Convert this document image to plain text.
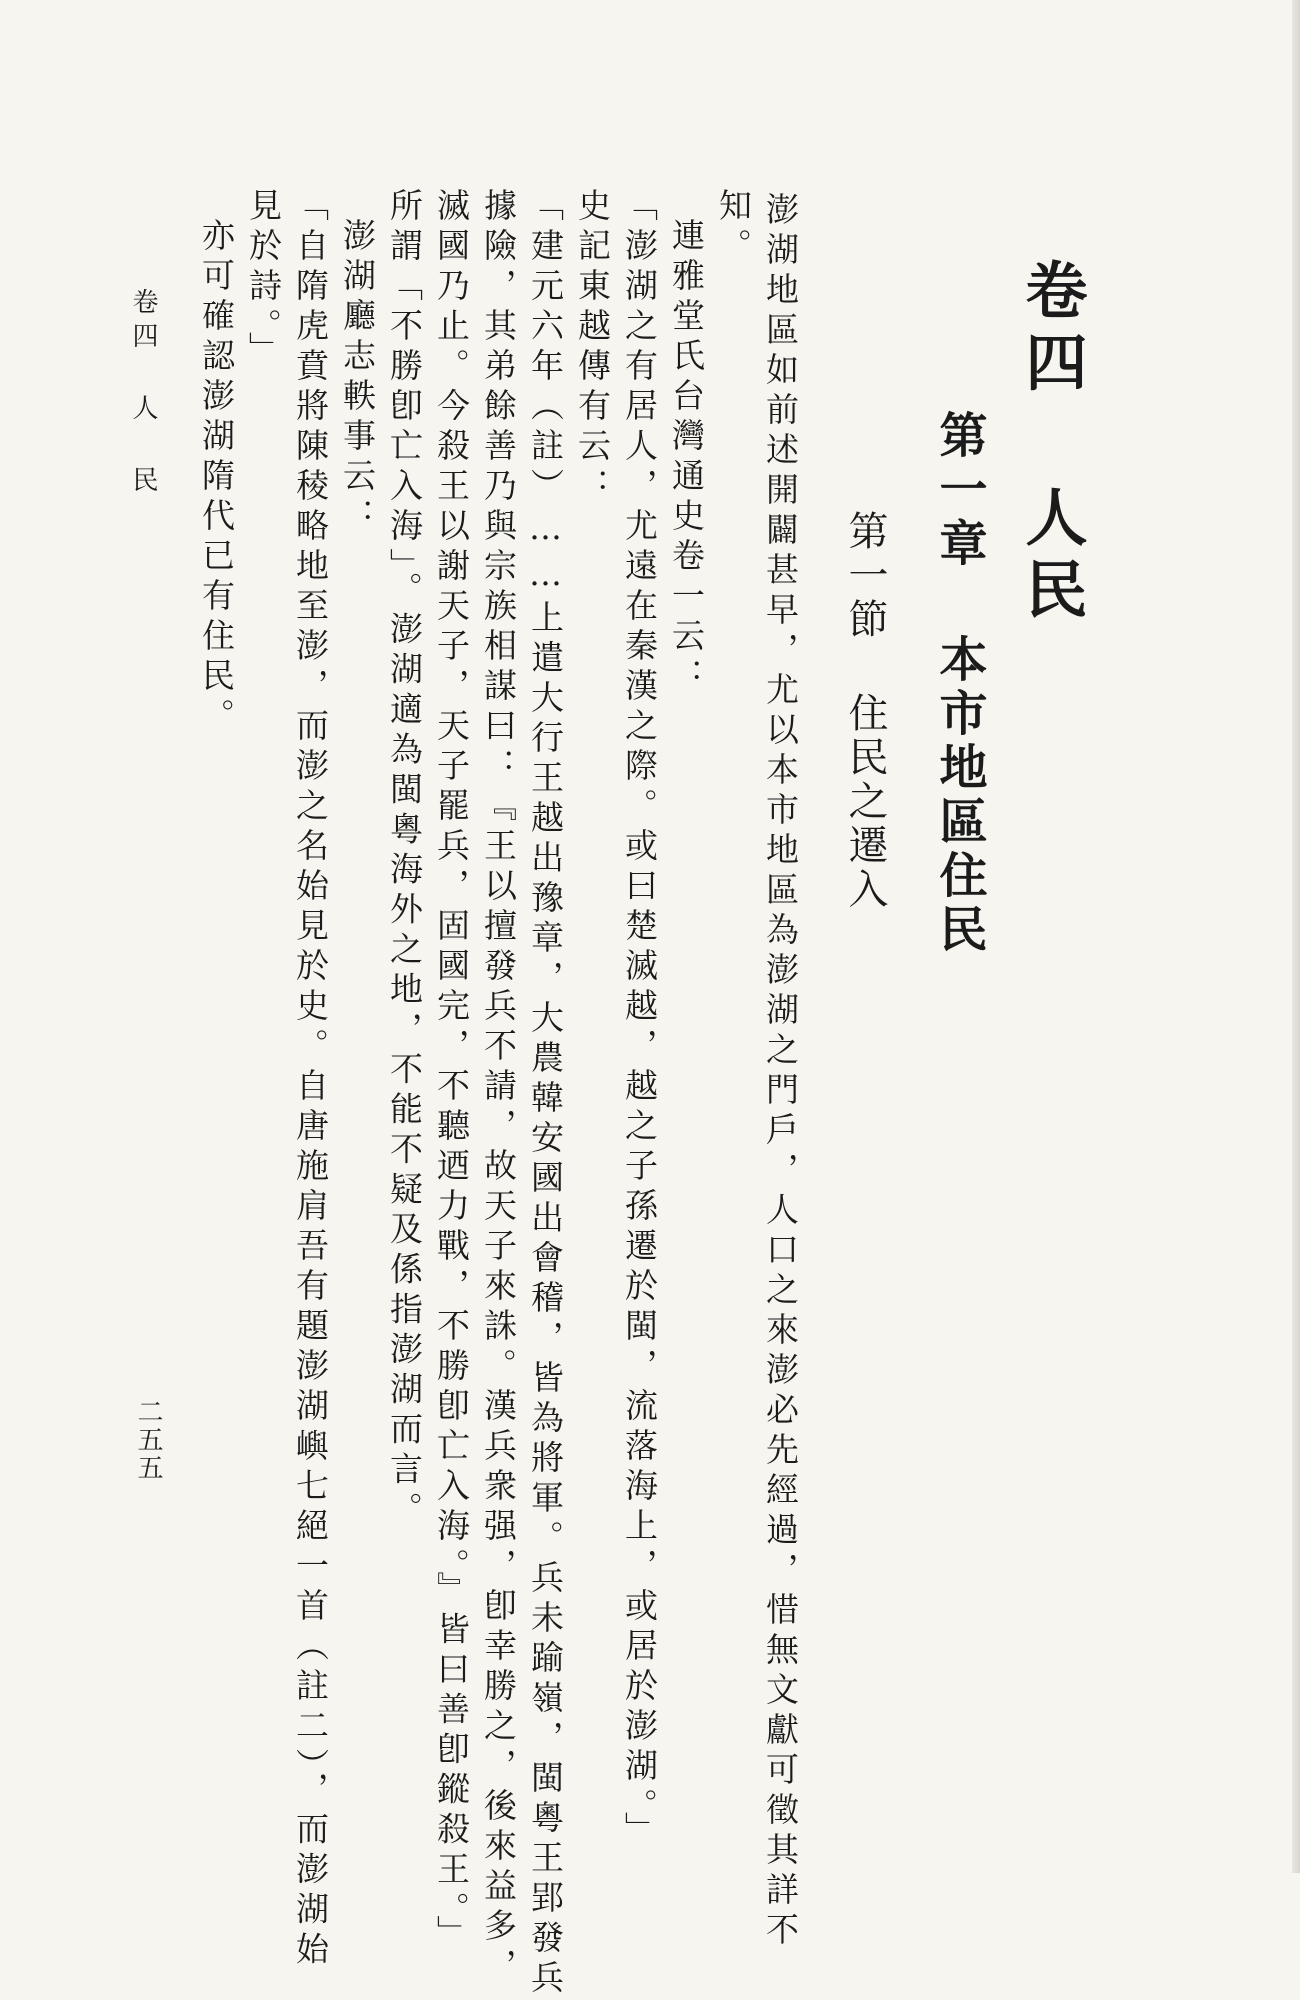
卷四 人民
第一章 本市地區住民
第一節 住民之遷入
澎湖地區如前述開闢甚早，尤以本市地區為澎湖之門戶，人口之來澎必先經過，惜無文獻可徵其詳不
知。
連雅堂氏台灣通史卷一云：
「澎湖之有居人，尤遠在秦漢之際。或曰楚滅越，越之子孫遷於閩，流落海上，或居於澎湖。」
史記東越傳有云：
「建元六年（註）……上遣大行王越出豫章，大農韓安國出會稽，皆為將軍。兵未踰嶺，閩粵王郢發兵
據險，其弟餘善乃與宗族相謀曰：『王以擅發兵不請，故天子來誅。漢兵衆强，卽幸勝之，後來益多，
滅國乃止。今殺王以謝天子，天子罷兵，固國完，不聽迺力戰，不勝卽亡入海。』皆曰善卽鏦殺王。」
所謂「不勝卽亡入海」。澎湖適為閩粵海外之地，不能不疑及係指澎湖而言。
澎湖廳志軼事云：
「自隋虎賁將陳稜略地至澎，而澎之名始見於史。自唐施肩吾有題澎湖嶼七絕一首（註二），而澎湖始
見於詩。」
亦可確認澎湖隋代已有住民。
卷四 人 民
二五五
